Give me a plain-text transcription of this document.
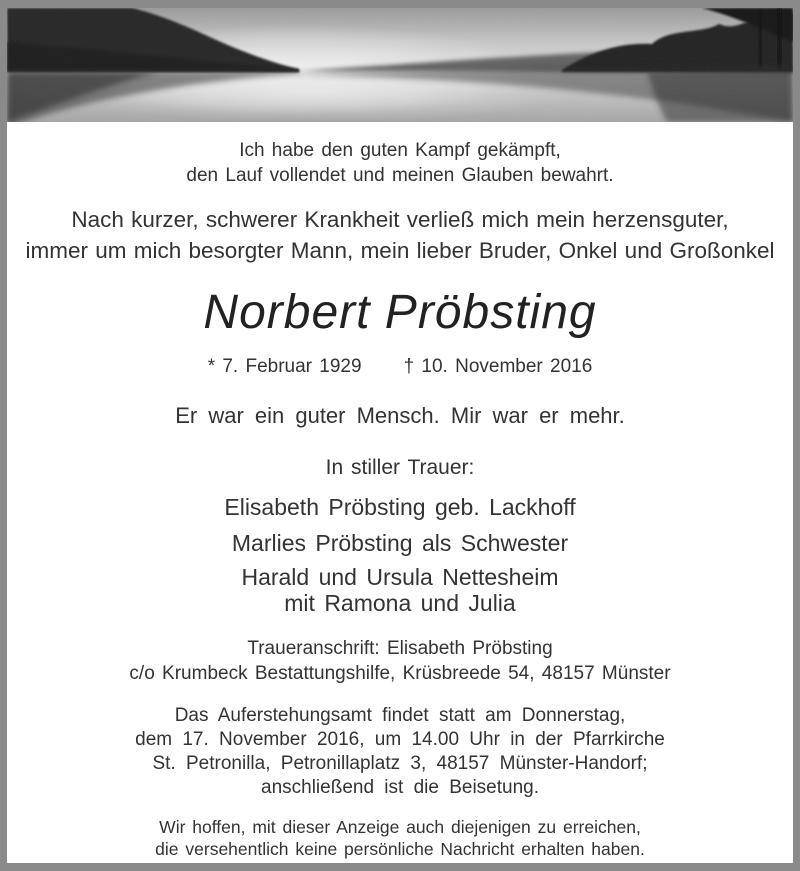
Ich habe den guten Kampf gekämpft,
den Lauf vollendet und meinen Glauben bewahrt.
Nach kurzer, schwerer Krankheit verließ mich mein herzensguter,
immer um mich besorgter Mann, mein lieber Bruder, Onkel und Großonkel
Norbert Pröbsting
* 7. Februar 1929 † 10. November 2016
Er war ein guter Mensch. Mir war er mehr.
In stiller Trauer:
Elisabeth Pröbsting geb. Lackhoff
Marlies Pröbsting als Schwester
Harald und Ursula Nettesheim
mit Ramona und Julia
Traueranschrift: Elisabeth Pröbsting
c/o Krumbeck Bestattungshilfe, Krüsbreede 54, 48157 Münster
Das Auferstehungsamt findet statt am Donnerstag,
dem 17. November 2016, um 14.00 Uhr in der Pfarrkirche
St. Petronilla, Petronillaplatz 3, 48157 Münster-Handorf;
anschließend ist die Beisetung.
Wir hoffen, mit dieser Anzeige auch diejenigen zu erreichen,
die versehentlich keine persönliche Nachricht erhalten haben.
